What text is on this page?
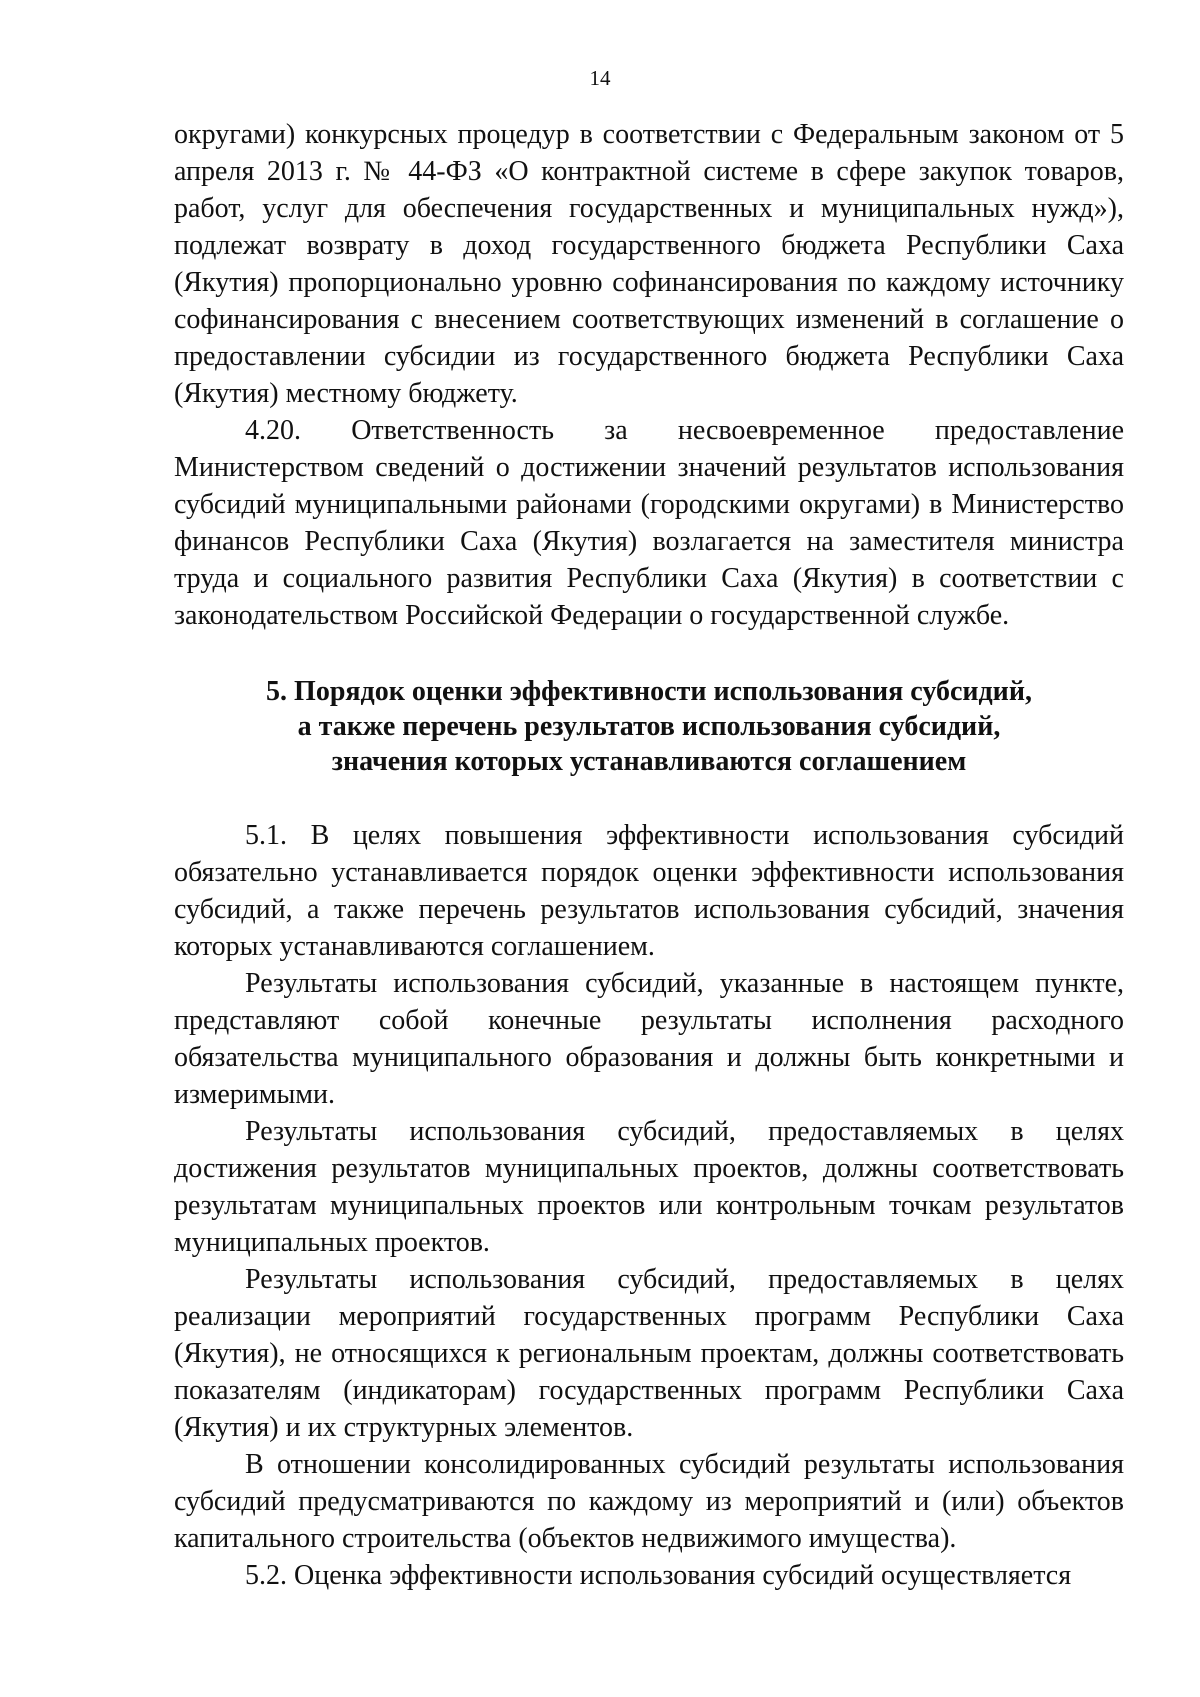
14

округами) конкурсных процедур в соответствии с Федеральным законом от 5 апреля 2013 г. № 44-ФЗ «О контрактной системе в сфере закупок товаров, работ, услуг для обеспечения государственных и муниципальных нужд»), подлежат возврату в доход государственного бюджета Республики Саха (Якутия) пропорционально уровню софинансирования по каждому источнику софинансирования с внесением соответствующих изменений в соглашение о предоставлении субсидии из государственного бюджета Республики Саха (Якутия) местному бюджету.

4.20. Ответственность за несвоевременное предоставление Министерством сведений о достижении значений результатов использования субсидий муниципальными районами (городскими округами) в Министерство финансов Республики Саха (Якутия) возлагается на заместителя министра труда и социального развития Республики Саха (Якутия) в соответствии с законодательством Российской Федерации о государственной службе.

5. Порядок оценки эффективности использования субсидий,
а также перечень результатов использования субсидий,
значения которых устанавливаются соглашением

5.1. В целях повышения эффективности использования субсидий обязательно устанавливается порядок оценки эффективности использования субсидий, а также перечень результатов использования субсидий, значения которых устанавливаются соглашением.

Результаты использования субсидий, указанные в настоящем пункте, представляют собой конечные результаты исполнения расходного обязательства муниципального образования и должны быть конкретными и измеримыми.

Результаты использования субсидий, предоставляемых в целях достижения результатов муниципальных проектов, должны соответствовать результатам муниципальных проектов или контрольным точкам результатов муниципальных проектов.

Результаты использования субсидий, предоставляемых в целях реализации мероприятий государственных программ Республики Саха (Якутия), не относящихся к региональным проектам, должны соответствовать показателям (индикаторам) государственных программ Республики Саха (Якутия) и их структурных элементов.

В отношении консолидированных субсидий результаты использования субсидий предусматриваются по каждому из мероприятий и (или) объектов капитального строительства (объектов недвижимого имущества).

5.2. Оценка эффективности использования субсидий осуществляется
